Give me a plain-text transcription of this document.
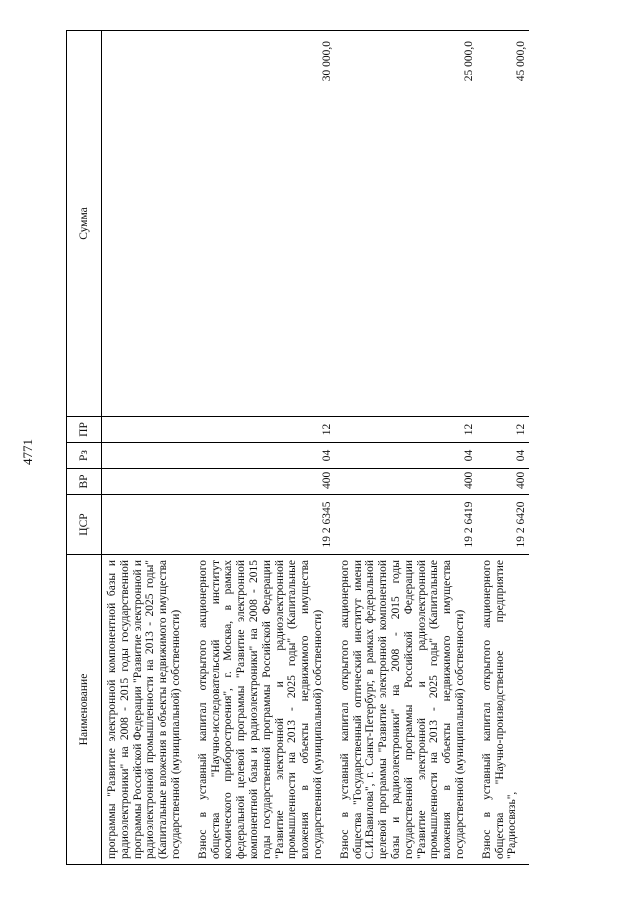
4771
Наименование	ЦСР	ВР	Рз	ПР	Сумма
программы "Развитие электронной компонентной базы и радиоэлектроники" на 2008 - 2015 годы государственной программы Российской Федерации "Развитие электронной и радиоэлектронной промышленности на 2013 - 2025 годы" (Капитальные вложения в объекты недвижимого имущества государственной (муниципальной) собственности)					
Взнос в уставный капитал открытого акционерного общества "Научно-исследовательский институт космического приборостроения", г. Москва, в рамках федеральной целевой программы "Развитие электронной компонентной базы и радиоэлектроники" на 2008 - 2015 годы государственной программы Российской Федерации "Развитие электронной и радиоэлектронной промышленности на 2013 - 2025 годы" (Капитальные вложения в объекты недвижимого имущества государственной (муниципальной) собственности)	19 2 6345	400	04	12	30 000,0
Взнос в уставный капитал открытого акционерного общества "Государственный оптический институт имени С.И.Вавилова", г. Санкт-Петербург, в рамках федеральной целевой программы "Развитие электронной компонентной базы и радиоэлектроники" на 2008 - 2015 годы государственной программы Российской Федерации "Развитие электронной и радиоэлектронной промышленности на 2013 - 2025 годы" (Капитальные вложения в объекты недвижимого имущества государственной (муниципальной) собственности)	19 2 6419	400	04	12	25 000,0
Взнос в уставный капитал открытого акционерного общества "Научно-производственное предприятие "Радиосвязь",	19 2 6420	400	04	12	45 000,0
